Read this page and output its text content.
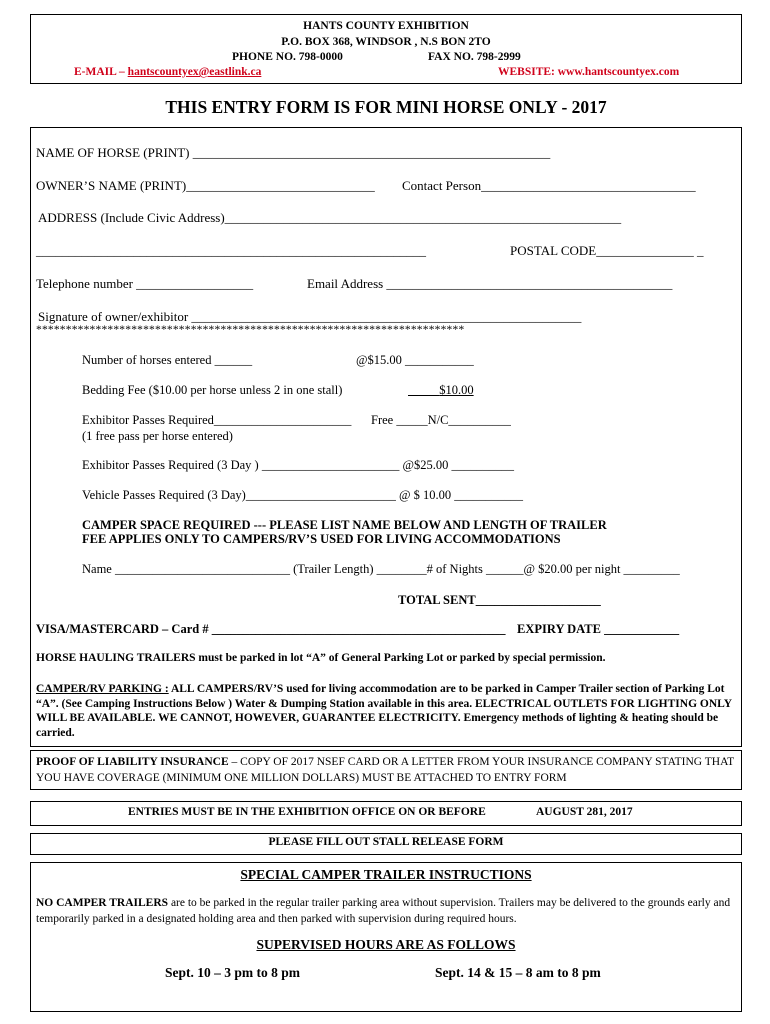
HANTS COUNTY EXHIBITION
P.O. BOX 368, WINDSOR , N.S BON 2TO
PHONE NO. 798-0000	FAX NO. 798-2999
E-MAIL – hantscountyex@eastlink.ca	WEBSITE: www.hantscountyex.com
THIS ENTRY FORM IS FOR MINI HORSE ONLY - 2017
NAME OF HORSE (PRINT) _______________________________________________________
OWNER’S NAME (PRINT)_____________________________ Contact Person_________________________________
ADDRESS (Include Civic Address)_____________________________________________________________
____________________________________________________________	POSTAL CODE_______________ _
Telephone number __________________	Email Address ____________________________________________
Signature of owner/exhibitor ____________________________________________________________
************************************************************************
Number of horses entered ______	@$15.00 ___________
Bedding Fee ($10.00 per horse unless 2 in one stall)	$10.00
Exhibitor Passes Required______________________ Free _____N/C__________
(1 free pass per horse entered)
Exhibitor Passes Required (3 Day ) ______________________ @$25.00 __________
Vehicle Passes Required (3 Day)________________________ @ $ 10.00 ___________
CAMPER SPACE REQUIRED --- PLEASE LIST NAME BELOW AND LENGTH OF TRAILER
FEE APPLIES ONLY TO CAMPERS/RV’S USED FOR LIVING ACCOMMODATIONS
Name ____________________________ (Trailer Length) ________# of Nights ______@ $20.00 per night _________
TOTAL SENT____________________
VISA/MASTERCARD – Card # _______________________________________________ EXPIRY DATE ____________
HORSE HAULING TRAILERS must be parked in lot “A” of General Parking Lot or parked by special permission.
CAMPER/RV PARKING : ALL CAMPERS/RV’S used for living accommodation are to be parked in Camper Trailer section of Parking Lot “A”. (See Camping Instructions Below ) Water & Dumping Station available in this area. ELECTRICAL OUTLETS FOR LIGHTING ONLY WILL BE AVAILABLE. WE CANNOT, HOWEVER, GUARANTEE ELECTRICITY. Emergency methods of lighting & heating should be carried.
PROOF OF LIABILITY INSURANCE – COPY OF 2017 NSEF CARD OR A LETTER FROM YOUR INSURANCE COMPANY STATING THAT YOU HAVE COVERAGE (MINIMUM ONE MILLION DOLLARS) MUST BE ATTACHED TO ENTRY FORM
ENTRIES MUST BE IN THE EXHIBITION OFFICE ON OR BEFORE	AUGUST 281, 2017
PLEASE FILL OUT STALL RELEASE FORM
SPECIAL CAMPER TRAILER INSTRUCTIONS
NO CAMPER TRAILERS are to be parked in the regular trailer parking area without supervision. Trailers may be delivered to the grounds early and temporarily parked in a designated holding area and then parked with supervision during required hours.
SUPERVISED HOURS ARE AS FOLLOWS
Sept. 10 – 3 pm to 8 pm	Sept. 14 & 15 – 8 am to 8 pm
